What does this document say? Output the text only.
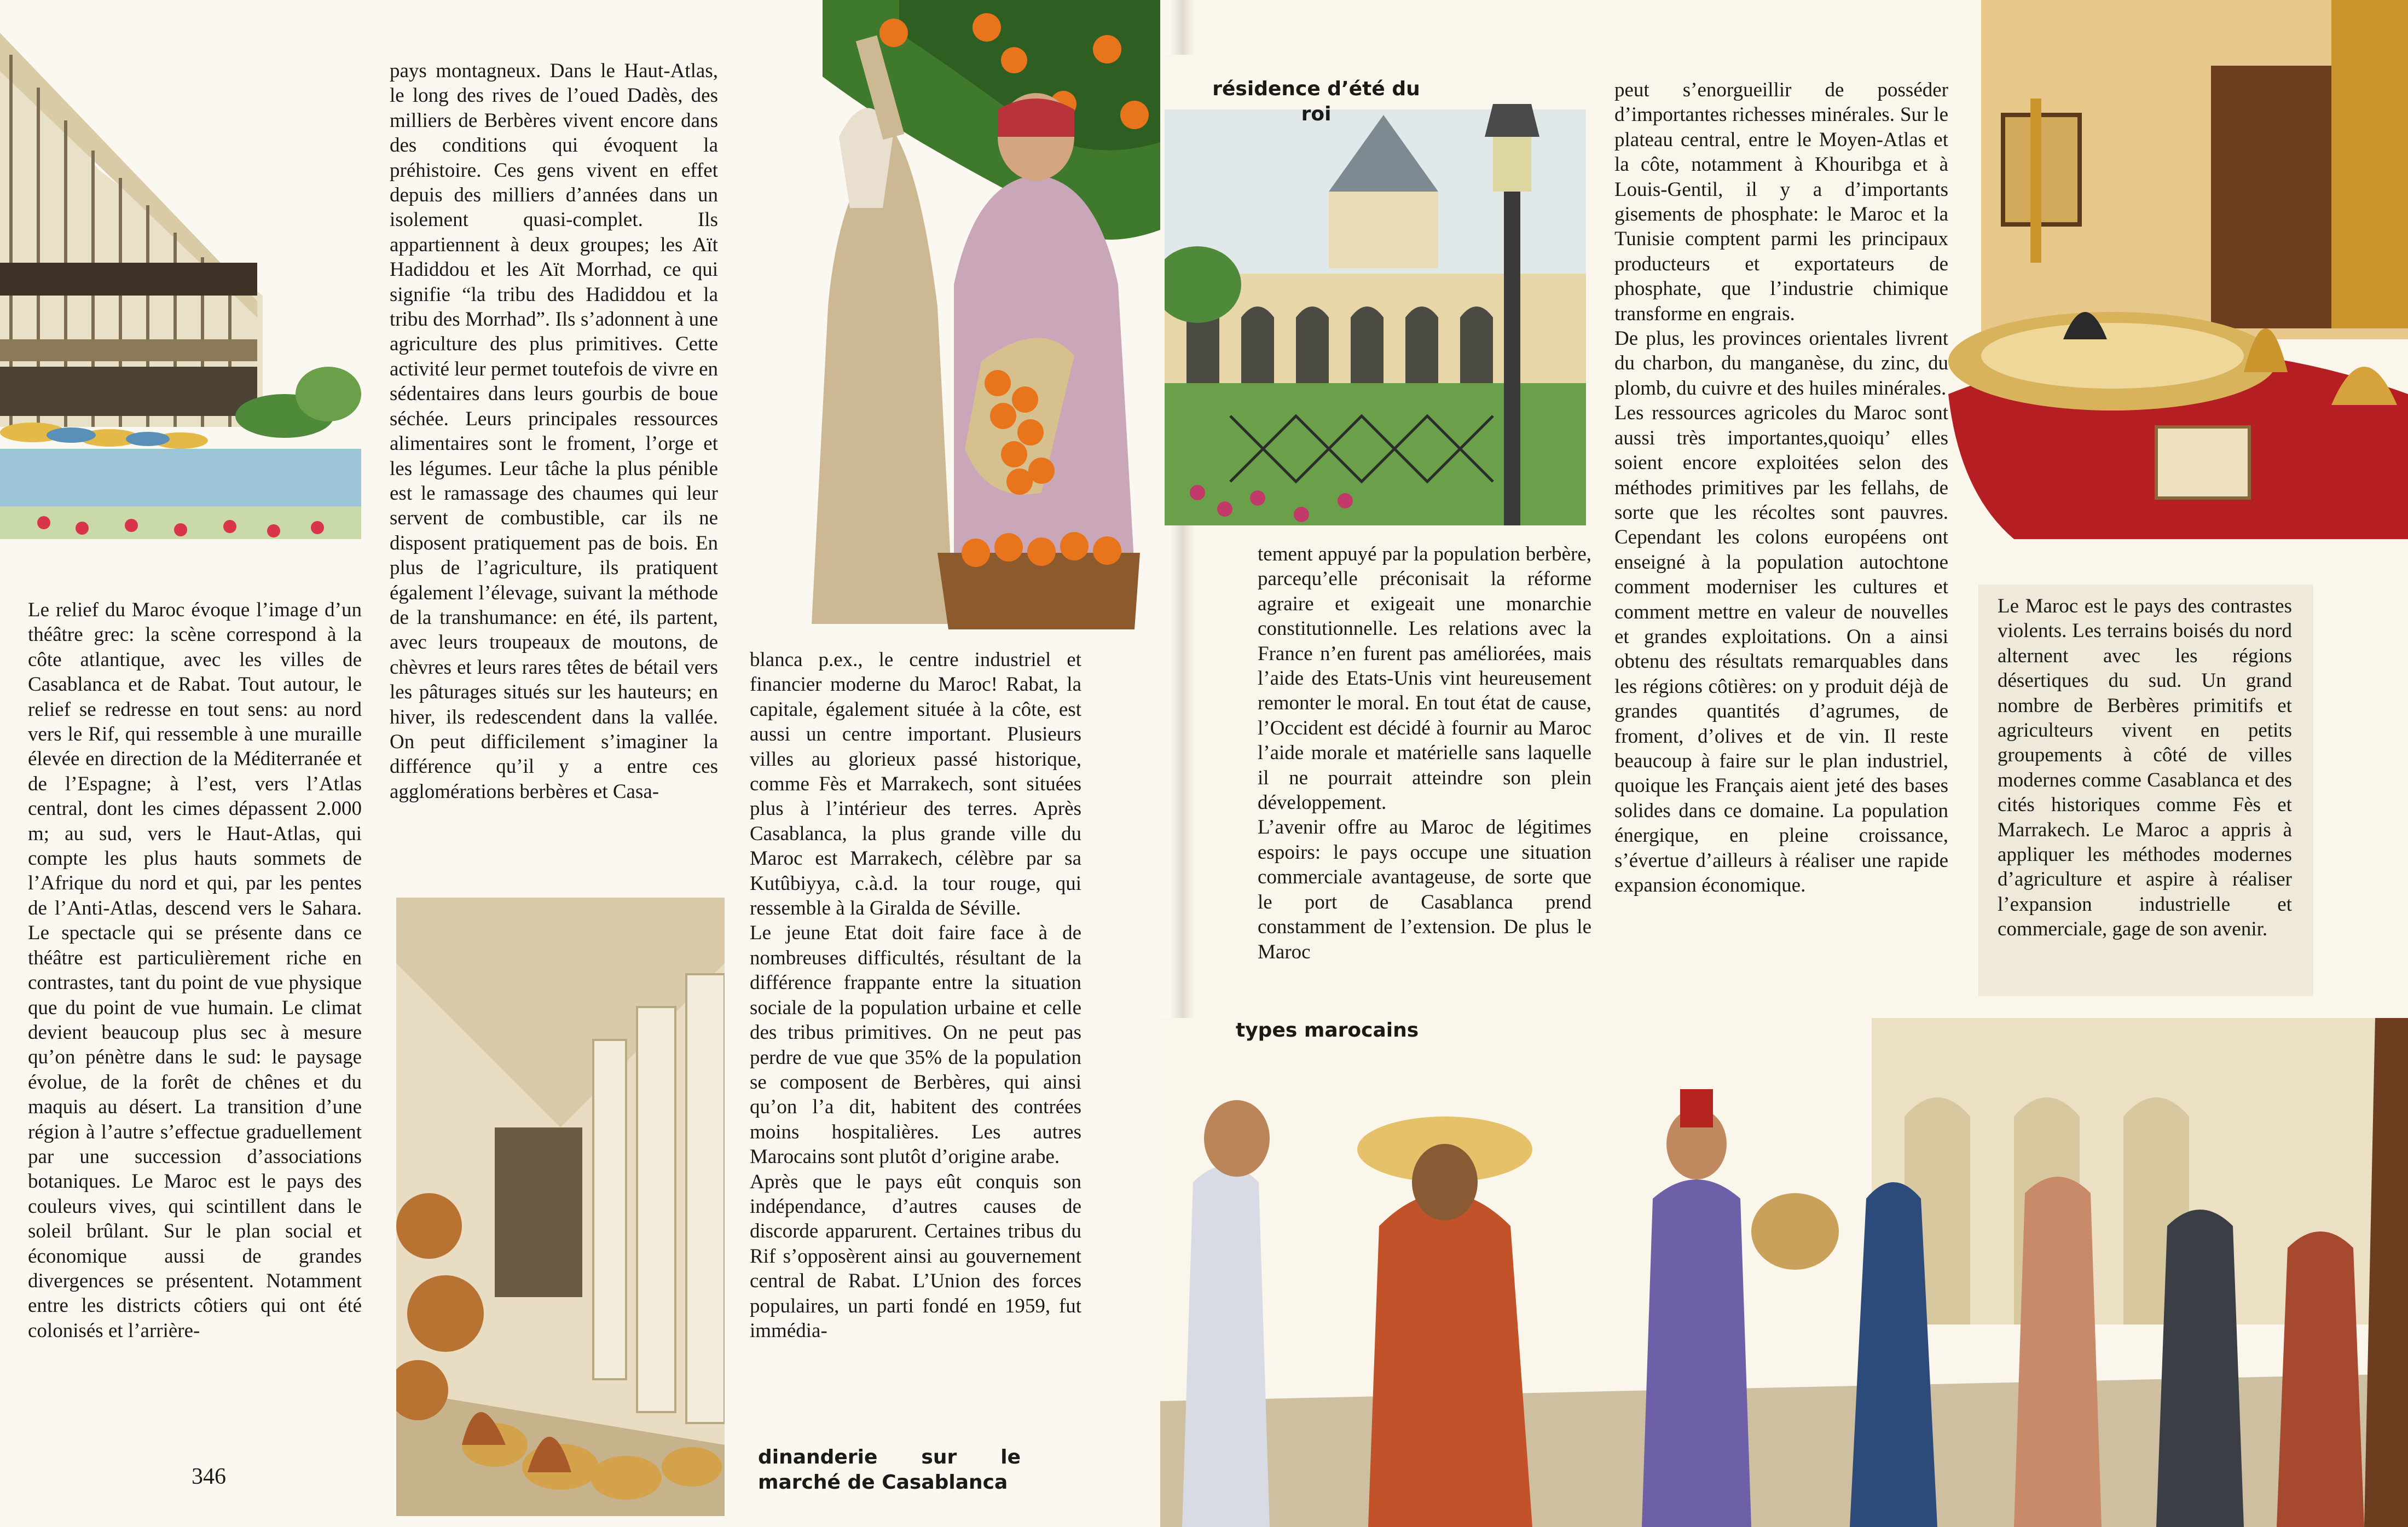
Le relief du Maroc évoque l’image d’un théâtre grec: la scène correspond à la côte atlantique, avec les villes de Casablanca et de Rabat. Tout autour, le relief se redresse en tout sens: au nord vers le Rif, qui ressemble à une muraille élevée en direction de la Méditerranée et de l’Espagne; à l’est, vers l’Atlas central, dont les cimes dépassent 2.000 m; au sud, vers le Haut-Atlas, qui compte les plus hauts sommets de l’Afrique du nord et qui, par les pentes de l’Anti-Atlas, descend vers le Sahara. Le spectacle qui se présente dans ce théâtre est particulièrement riche en contrastes, tant du point de vue physique que du point de vue humain. Le climat devient beaucoup plus sec à mesure qu’on pénètre dans le sud: le paysage évolue, de la forêt de chênes et du maquis au désert. La transition d’une région à l’autre s’effectue graduellement par une succession d’associations botaniques. Le Maroc est le pays des couleurs vives, qui scintillent dans le soleil brûlant. Sur le plan social et économique aussi de grandes divergences se présentent. Notamment entre les districts côtiers qui ont été colonisés et l’arrière-

pays montagneux. Dans le Haut-Atlas, le long des rives de l’oued Dadès, des milliers de Berbères vivent encore dans des conditions qui évoquent la préhistoire. Ces gens vivent en effet depuis des milliers d’années dans un isolement quasi-complet. Ils appartiennent à deux groupes; les Aït Hadiddou et les Aït Morrhad, ce qui signifie “la tribu des Hadiddou et la tribu des Morrhad”. Ils s’adonnent à une agriculture des plus primitives. Cette activité leur permet toutefois de vivre en sédentaires dans leurs gourbis de boue séchée. Leurs principales ressources alimentaires sont le froment, l’orge et les légumes. Leur tâche la plus pénible est le ramassage des chaumes qui leur servent de combustible, car ils ne disposent pratiquement pas de bois. En plus de l’agriculture, ils pratiquent également l’élevage, suivant la méthode de la transhumance: en été, ils partent, avec leurs troupeaux de moutons, de chèvres et leurs rares têtes de bétail vers les pâturages situés sur les hauteurs; en hiver, ils redescendent dans la vallée. On peut difficilement s’imaginer la différence qu’il y a entre ces agglomérations berbères et Casa-

blanca p.ex., le centre industriel et financier moderne du Maroc! Rabat, la capitale, également située à la côte, est aussi un centre important. Plusieurs villes au glorieux passé historique, comme Fès et Marrakech, sont situées plus à l’intérieur des terres. Après Casablanca, la plus grande ville du Maroc est Marrakech, célèbre par sa Kutûbiyya, c.à.d. la tour rouge, qui ressemble à la Giralda de Séville.

Le jeune Etat doit faire face à de nombreuses difficultés, résultant de la différence frappante entre la situation sociale de la population urbaine et celle des tribus primitives. On ne peut pas perdre de vue que 35% de la population se composent de Berbères, qui ainsi qu’on l’a dit, habitent des contrées moins hospitalières. Les autres Marocains sont plutôt d’origine arabe.

Après que le pays eût conquis son indépendance, d’autres causes de discorde apparurent. Certaines tribus du Rif s’opposèrent ainsi au gouvernement central de Rabat. L’Union des forces populaires, un parti fondé en 1959, fut immédia-

tement appuyé par la population berbère, parcequ’elle préconisait la réforme agraire et exigeait une monarchie constitutionnelle. Les relations avec la France n’en furent pas améliorées, mais l’aide des Etats-Unis vint heureusement remonter le moral. En tout état de cause, l’Occident est décidé à fournir au Maroc l’aide morale et matérielle sans laquelle il ne pourrait atteindre son plein développement.

L’avenir offre au Maroc de légitimes espoirs: le pays occupe une situation commerciale avantageuse, de sorte que le port de Casablanca prend constamment de l’extension. De plus le Maroc

peut s’enorgueillir de posséder d’importantes richesses minérales. Sur le plateau central, entre le Moyen-Atlas et la côte, notamment à Khouribga et à Louis-Gentil, il y a d’importants gisements de phosphate: le Maroc et la Tunisie comptent parmi les principaux producteurs et exportateurs de phosphate, que l’industrie chimique transforme en engrais.

De plus, les provinces orientales livrent du charbon, du manganèse, du zinc, du plomb, du cuivre et des huiles minérales.

Les ressources agricoles du Maroc sont aussi très importantes,quoiqu’ elles soient encore exploitées selon des méthodes primitives par les fellahs, de sorte que les récoltes sont pauvres. Cependant les colons européens ont enseigné à la population autochtone comment moderniser les cultures et comment mettre en valeur de nouvelles et grandes exploitations. On a ainsi obtenu des résultats remarquables dans les régions côtières: on y produit déjà de grandes quantités d’agrumes, de froment, d’olives et de vin. Il reste beaucoup à faire sur le plan industriel, quoique les Français aient jeté des bases solides dans ce domaine. La population énergique, en pleine croissance, s’évertue d’ailleurs à réaliser une rapide expansion économique.

Le Maroc est le pays des contrastes violents. Les terrains boisés du nord alternent avec les régions désertiques du sud. Un grand nombre de Berbères primitifs et agriculteurs vivent en petits groupements à côté de villes modernes comme Casablanca et des cités historiques comme Fès et Marrakech. Le Maroc a appris à appliquer les méthodes modernes d’agriculture et aspire à réaliser l’expansion industrielle et commerciale, gage de son avenir.

résidence d’été du roi
types marocains
dinanderie sur le marché de Casablanca
346
